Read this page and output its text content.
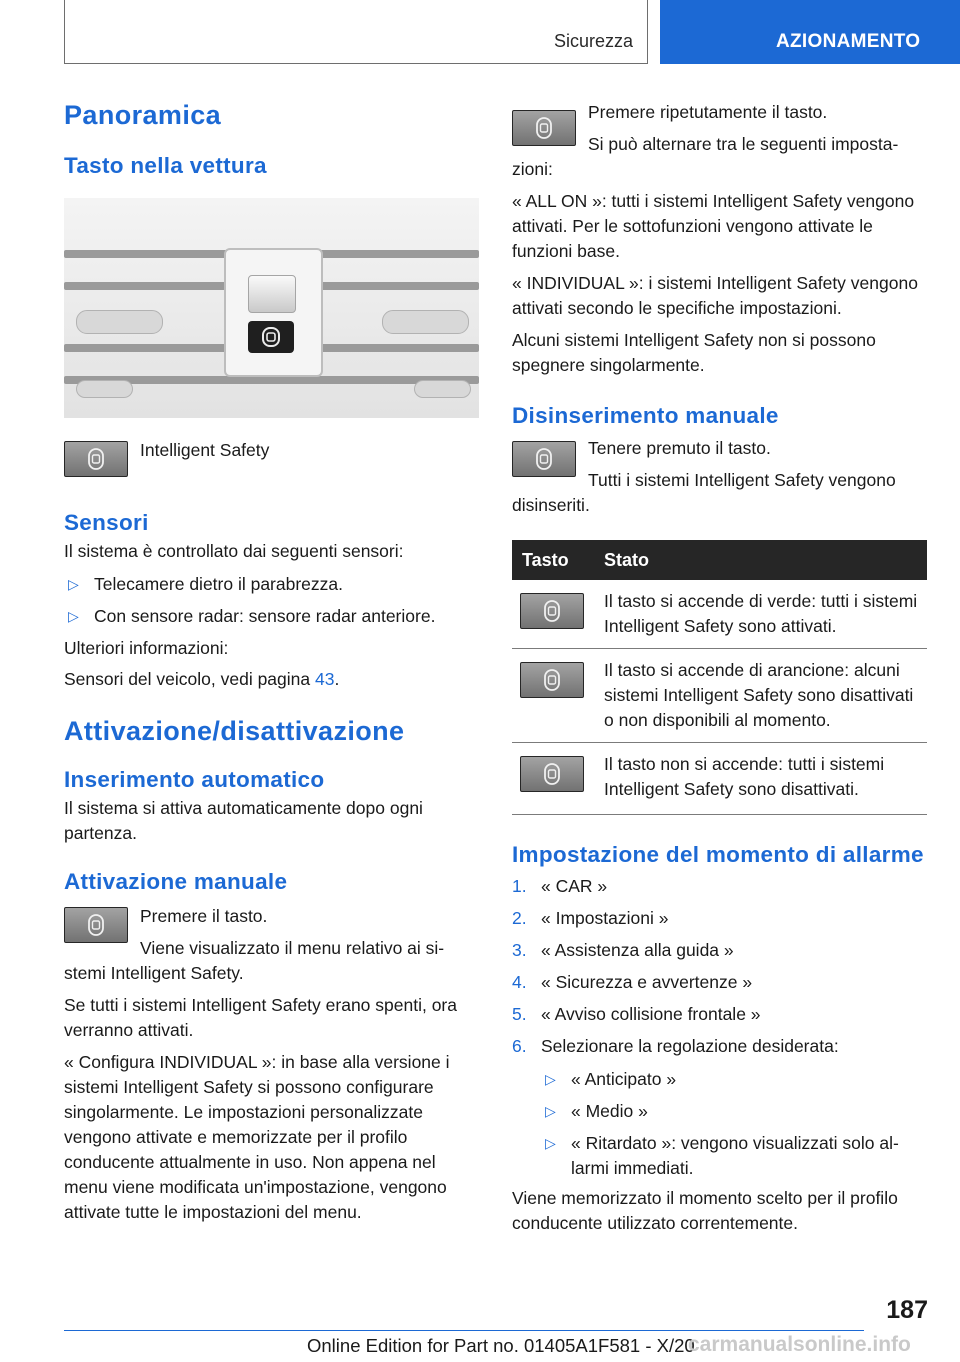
Sicurezza	AZIONAMENTO
Panoramica
Tasto nella vettura

Intelligent Safety

Sensori

Il sistema è controllato dai seguenti sensori:

▷ Telecamere dietro il parabrezza.
▷ Con sensore radar: sensore radar anteriore.

Ulteriori informazioni:

Sensori del veicolo, vedi pagina 43.

Attivazione/disattivazione
Inserimento automatico

Il sistema si attiva automaticamente dopo ogni partenza.

Attivazione manuale

Premere il tasto.

Viene visualizzato il menu relativo ai sistemi Intelligent Safety.

Se tutti i sistemi Intelligent Safety erano spenti, ora verranno attivati.

« Configura INDIVIDUAL »: in base alla versione i sistemi Intelligent Safety si possono configurare singolarmente. Le impostazioni personalizzate vengono attivate e memorizzate per il profilo conducente attualmente in uso. Non appena nel menu viene modificata un'impostazione, vengono attivate tutte le impostazioni del menu.

Premere ripetutamente il tasto.

Si può alternare tra le seguenti impostazioni:

« ALL ON »: tutti i sistemi Intelligent Safety vengono attivati. Per le sottofunzioni vengono attivate le funzioni base.

« INDIVIDUAL »: i sistemi Intelligent Safety vengono attivati secondo le specifiche impostazioni.

Alcuni sistemi Intelligent Safety non si possono spegnere singolarmente.

Disinserimento manuale

Tenere premuto il tasto.

Tutti i sistemi Intelligent Safety vengono disinseriti.

Tasto	Stato

	Il tasto si accende di verde: tutti i sistemi Intelligent Safety sono attivati.

	Il tasto si accende di arancione: alcuni sistemi Intelligent Safety sono disattivati o non disponibili al momento.

	Il tasto non si accende: tutti i sistemi Intelligent Safety sono disattivati.
Impostazione del momento di allarme
1. « CAR »
2. « Impostazioni »
3. « Assistenza alla guida »
4. « Sicurezza e avvertenze »
5. « Avviso collisione frontale »
6. Selezionare la regolazione desiderata:
▷ « Anticipato »
▷ « Medio »
▷ « Ritardato »: vengono visualizzati solo allarmi immediati.

Viene memorizzato il momento scelto per il profilo conducente utilizzato correntemente.

187
Online Edition for Part no. 01405A1F581 - X/20
carmanualsonline.info
